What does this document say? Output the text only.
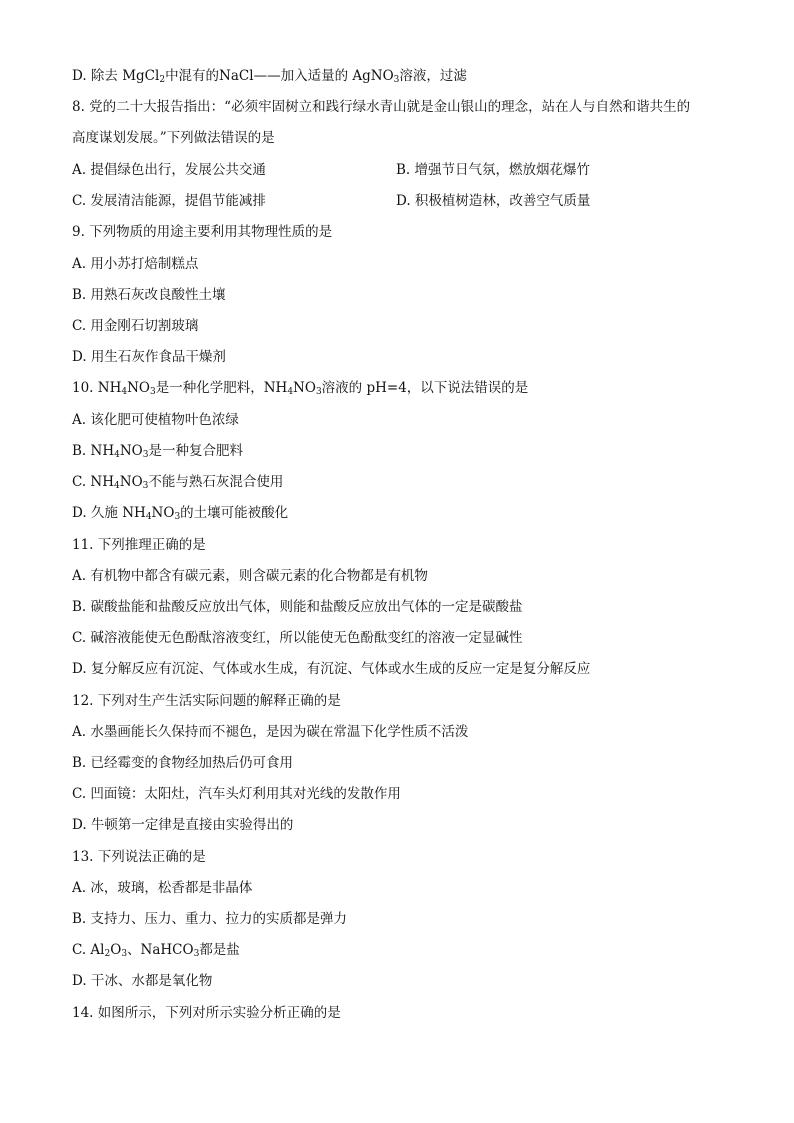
D. 除去 MgCl$_2$中混有的NaCl——加入适量的 AgNO$_3$溶液，过滤
8. 党的二十大报告指出：“必须牢固树立和践行绿水青山就是金山银山的理念，站在人与自然和谐共生的
高度谋划发展。”下列做法错误的是
A. 提倡绿色出行，发展公共交通	B. 增强节日气氛，燃放烟花爆竹
C. 发展清洁能源，提倡节能减排	D. 积极植树造林，改善空气质量
9. 下列物质的用途主要利用其物理性质的是
A. 用小苏打焙制糕点
B. 用熟石灰改良酸性土壤
C. 用金刚石切割玻璃
D. 用生石灰作食品干燥剂
10. $NH_4NO_3$是一种化学肥料，$NH_4NO_3$溶液的 pH=4，以下说法错误的是
A. 该化肥可使植物叶色浓绿
B. $NH_4NO_3$是一种复合肥料
C. $NH_4NO_3$不能与熟石灰混合使用
D. 久施 $NH_4NO_3$的土壤可能被酸化
11. 下列推理正确的是
A. 有机物中都含有碳元素，则含碳元素的化合物都是有机物
B. 碳酸盐能和盐酸反应放出气体，则能和盐酸反应放出气体的一定是碳酸盐
C. 碱溶液能使无色酚酞溶液变红，所以能使无色酚酞变红的溶液一定显碱性
D. 复分解反应有沉淀、气体或水生成，有沉淀、气体或水生成的反应一定是复分解反应
12. 下列对生产生活实际问题的解释正确的是
A. 水墨画能长久保持而不褪色，是因为碳在常温下化学性质不活泼
B. 已经霉变的食物经加热后仍可食用
C. 凹面镜：太阳灶，汽车头灯利用其对光线的发散作用
D. 牛顿第一定律是直接由实验得出的
13. 下列说法正确的是
A. 冰，玻璃，松香都是非晶体
B. 支持力、压力、重力、拉力的实质都是弹力
C. $Al_2O_3$、NaHCO$_3$都是盐
D. 干冰、水都是氧化物
14. 如图所示，下列对所示实验分析正确的是
